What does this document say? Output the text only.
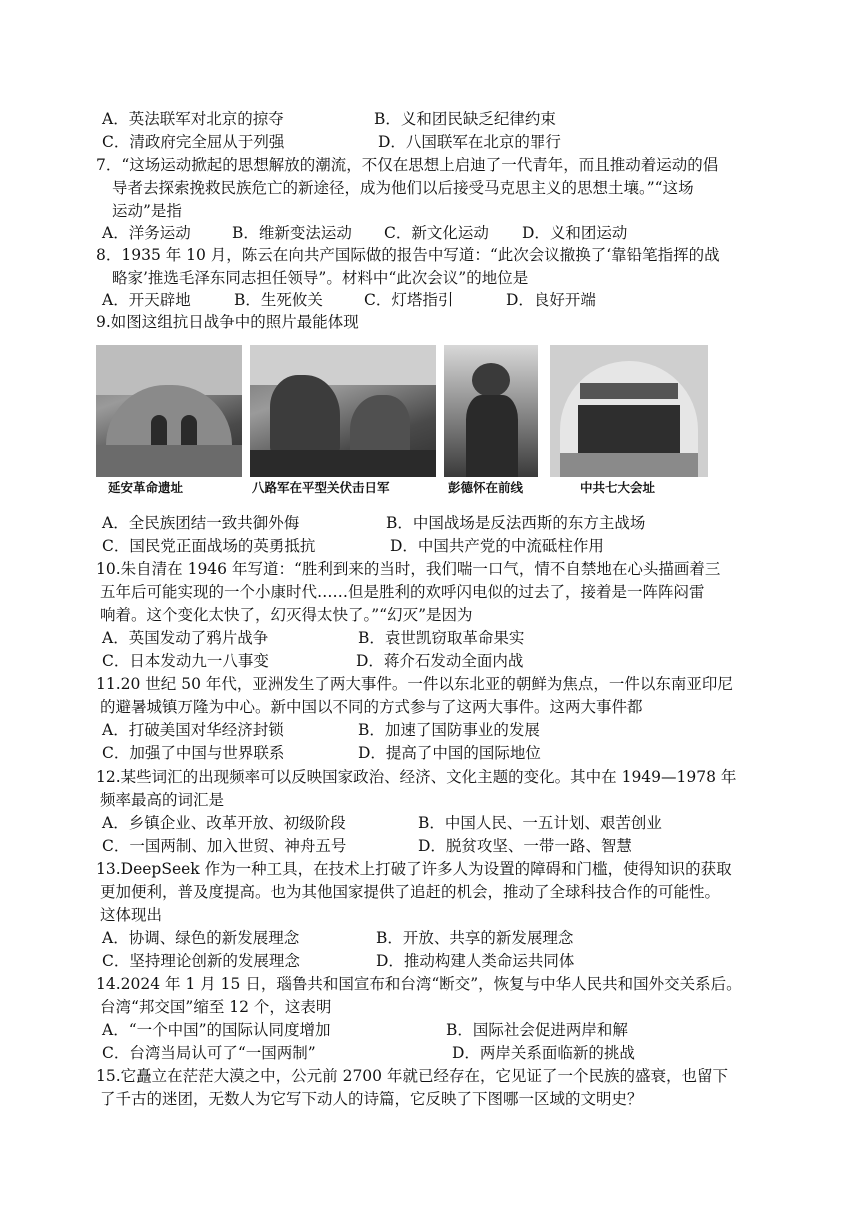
A．英法联军对北京的掠夺	B．义和团民缺乏纪律约束
C．清政府完全屈从于列强	D．八国联军在北京的罪行
7．“这场运动掀起的思想解放的潮流，不仅在思想上启迪了一代青年，而且推动着运动的倡
导者去探索挽救民族危亡的新途径，成为他们以后接受马克思主义的思想土壤。”“这场
运动”是指
A．洋务运动	B．维新变法运动 C．新文化运动 D．义和团运动
8．1935 年 10 月，陈云在向共产国际做的报告中写道：“此次会议撤换了‘靠铅笔指挥的战
略家’推选毛泽东同志担任领导”。材料中“此次会议”的地位是
A．开天辟地	B．生死攸关	C．灯塔指引	D．良好开端
9.如图这组抗日战争中的照片最能体现
延安革命遗址	八路军在平型关伏击日军	彭德怀在前线	中共七大会址
A．全民族团结一致共御外侮	B．中国战场是反法西斯的东方主战场
C．国民党正面战场的英勇抵抗	D．中国共产党的中流砥柱作用
10.朱自清在 1946 年写道：“胜利到来的当时，我们喘一口气，情不自禁地在心头描画着三
五年后可能实现的一个小康时代……但是胜利的欢呼闪电似的过去了，接着是一阵阵闷雷
响着。这个变化太快了，幻灭得太快了。”“幻灭”是因为
A．英国发动了鸦片战争	B．袁世凯窃取革命果实
C．日本发动九一八事变	D．蒋介石发动全面内战
11.20 世纪 50 年代，亚洲发生了两大事件。一件以东北亚的朝鲜为焦点，一件以东南亚印尼
的避暑城镇万隆为中心。新中国以不同的方式参与了这两大事件。这两大事件都
A．打破美国对华经济封锁	B．加速了国防事业的发展
C．加强了中国与世界联系	D．提高了中国的国际地位
12.某些词汇的出现频率可以反映国家政治、经济、文化主题的变化。其中在 1949—1978 年
频率最高的词汇是
A．乡镇企业、改革开放、初级阶段	B．中国人民、一五计划、艰苦创业
C．一国两制、加入世贸、神舟五号	D．脱贫攻坚、一带一路、智慧
13.DeepSeek 作为一种工具，在技术上打破了许多人为设置的障碍和门槛，使得知识的获取
更加便利，普及度提高。也为其他国家提供了追赶的机会，推动了全球科技合作的可能性。
这体现出
A．协调、绿色的新发展理念	B．开放、共享的新发展理念
C．坚持理论创新的发展理念	D．推动构建人类命运共同体
14.2024 年 1 月 15 日，瑙鲁共和国宣布和台湾“断交”，恢复与中华人民共和国外交关系后。
台湾“邦交国”缩至 12 个，这表明
A．“一个中国”的国际认同度增加	B．国际社会促进两岸和解
C．台湾当局认可了“一国两制”	D．两岸关系面临新的挑战
15.它矗立在茫茫大漠之中，公元前 2700 年就已经存在，它见证了一个民族的盛衰，也留下
了千古的迷团，无数人为它写下动人的诗篇，它反映了下图哪一区域的文明史？
